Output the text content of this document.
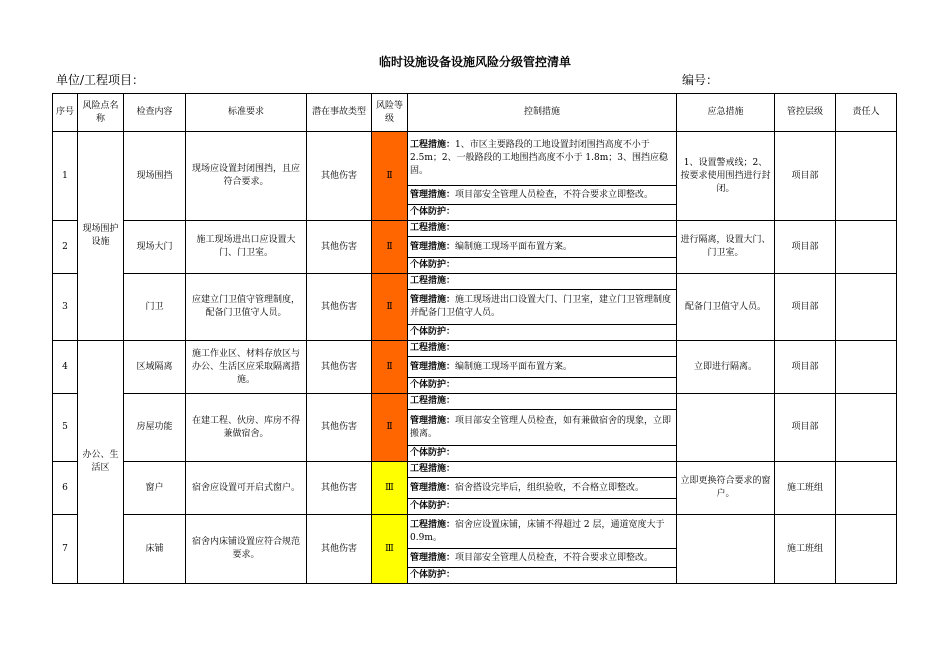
临时设施设备设施风险分级管控清单
单位/工程项目：	编号：
序号	风险点名称	检查内容	标准要求	潜在事故类型	风险等级	控制措施	应急措施	管控层级	责任人
1	现场围护设施	现场围挡	现场应设置封闭围挡，且应符合要求。	其他伤害	Ⅱ	工程措施：1、市区主要路段的工地设置封闭围挡高度不小于 2.5m；2、一般路段的工地围挡高度不小于 1.8m；3、围挡应稳固。	1、设置警戒线；2、按要求使用围挡进行封闭。	项目部	
						管理措施：项目部安全管理人员检查，不符合要求立即整改。			
						个体防护：			
2		现场大门	施工现场进出口应设置大门、门卫室。	其他伤害	Ⅱ	工程措施：	进行隔离，设置大门、门卫室。	项目部	
						管理措施：编制施工现场平面布置方案。			
						个体防护：			
3		门卫	应建立门卫值守管理制度，配备门卫值守人员。	其他伤害	Ⅱ	工程措施：	配备门卫值守人员。	项目部	
						管理措施：施工现场进出口设置大门、门卫室，建立门卫管理制度并配备门卫值守人员。			
						个体防护：			
4	办公、生活区	区域隔离	施工作业区、材料存放区与办公、生活区应采取隔离措施。	其他伤害	Ⅱ	工程措施：	立即进行隔离。	项目部	
						管理措施：编制施工现场平面布置方案。			
						个体防护：			
5		房屋功能	在建工程、伙房、库房不得兼做宿舍。	其他伤害	Ⅱ	工程措施：		项目部	
						管理措施：项目部安全管理人员检查，如有兼做宿舍的现象，立即搬离。			
						个体防护：			
6		窗户	宿舍应设置可开启式窗户。	其他伤害	Ⅲ	工程措施：	立即更换符合要求的窗户。	施工班组	
						管理措施：宿舍搭设完毕后，组织验收，不合格立即整改。			
						个体防护：			
7		床铺	宿舍内床铺设置应符合规范要求。	其他伤害	Ⅲ	工程措施：宿舍应设置床铺，床铺不得超过 2 层，通道宽度大于 0.9m。		施工班组	
						管理措施：项目部安全管理人员检查，不符合要求立即整改。			
						个体防护：			
